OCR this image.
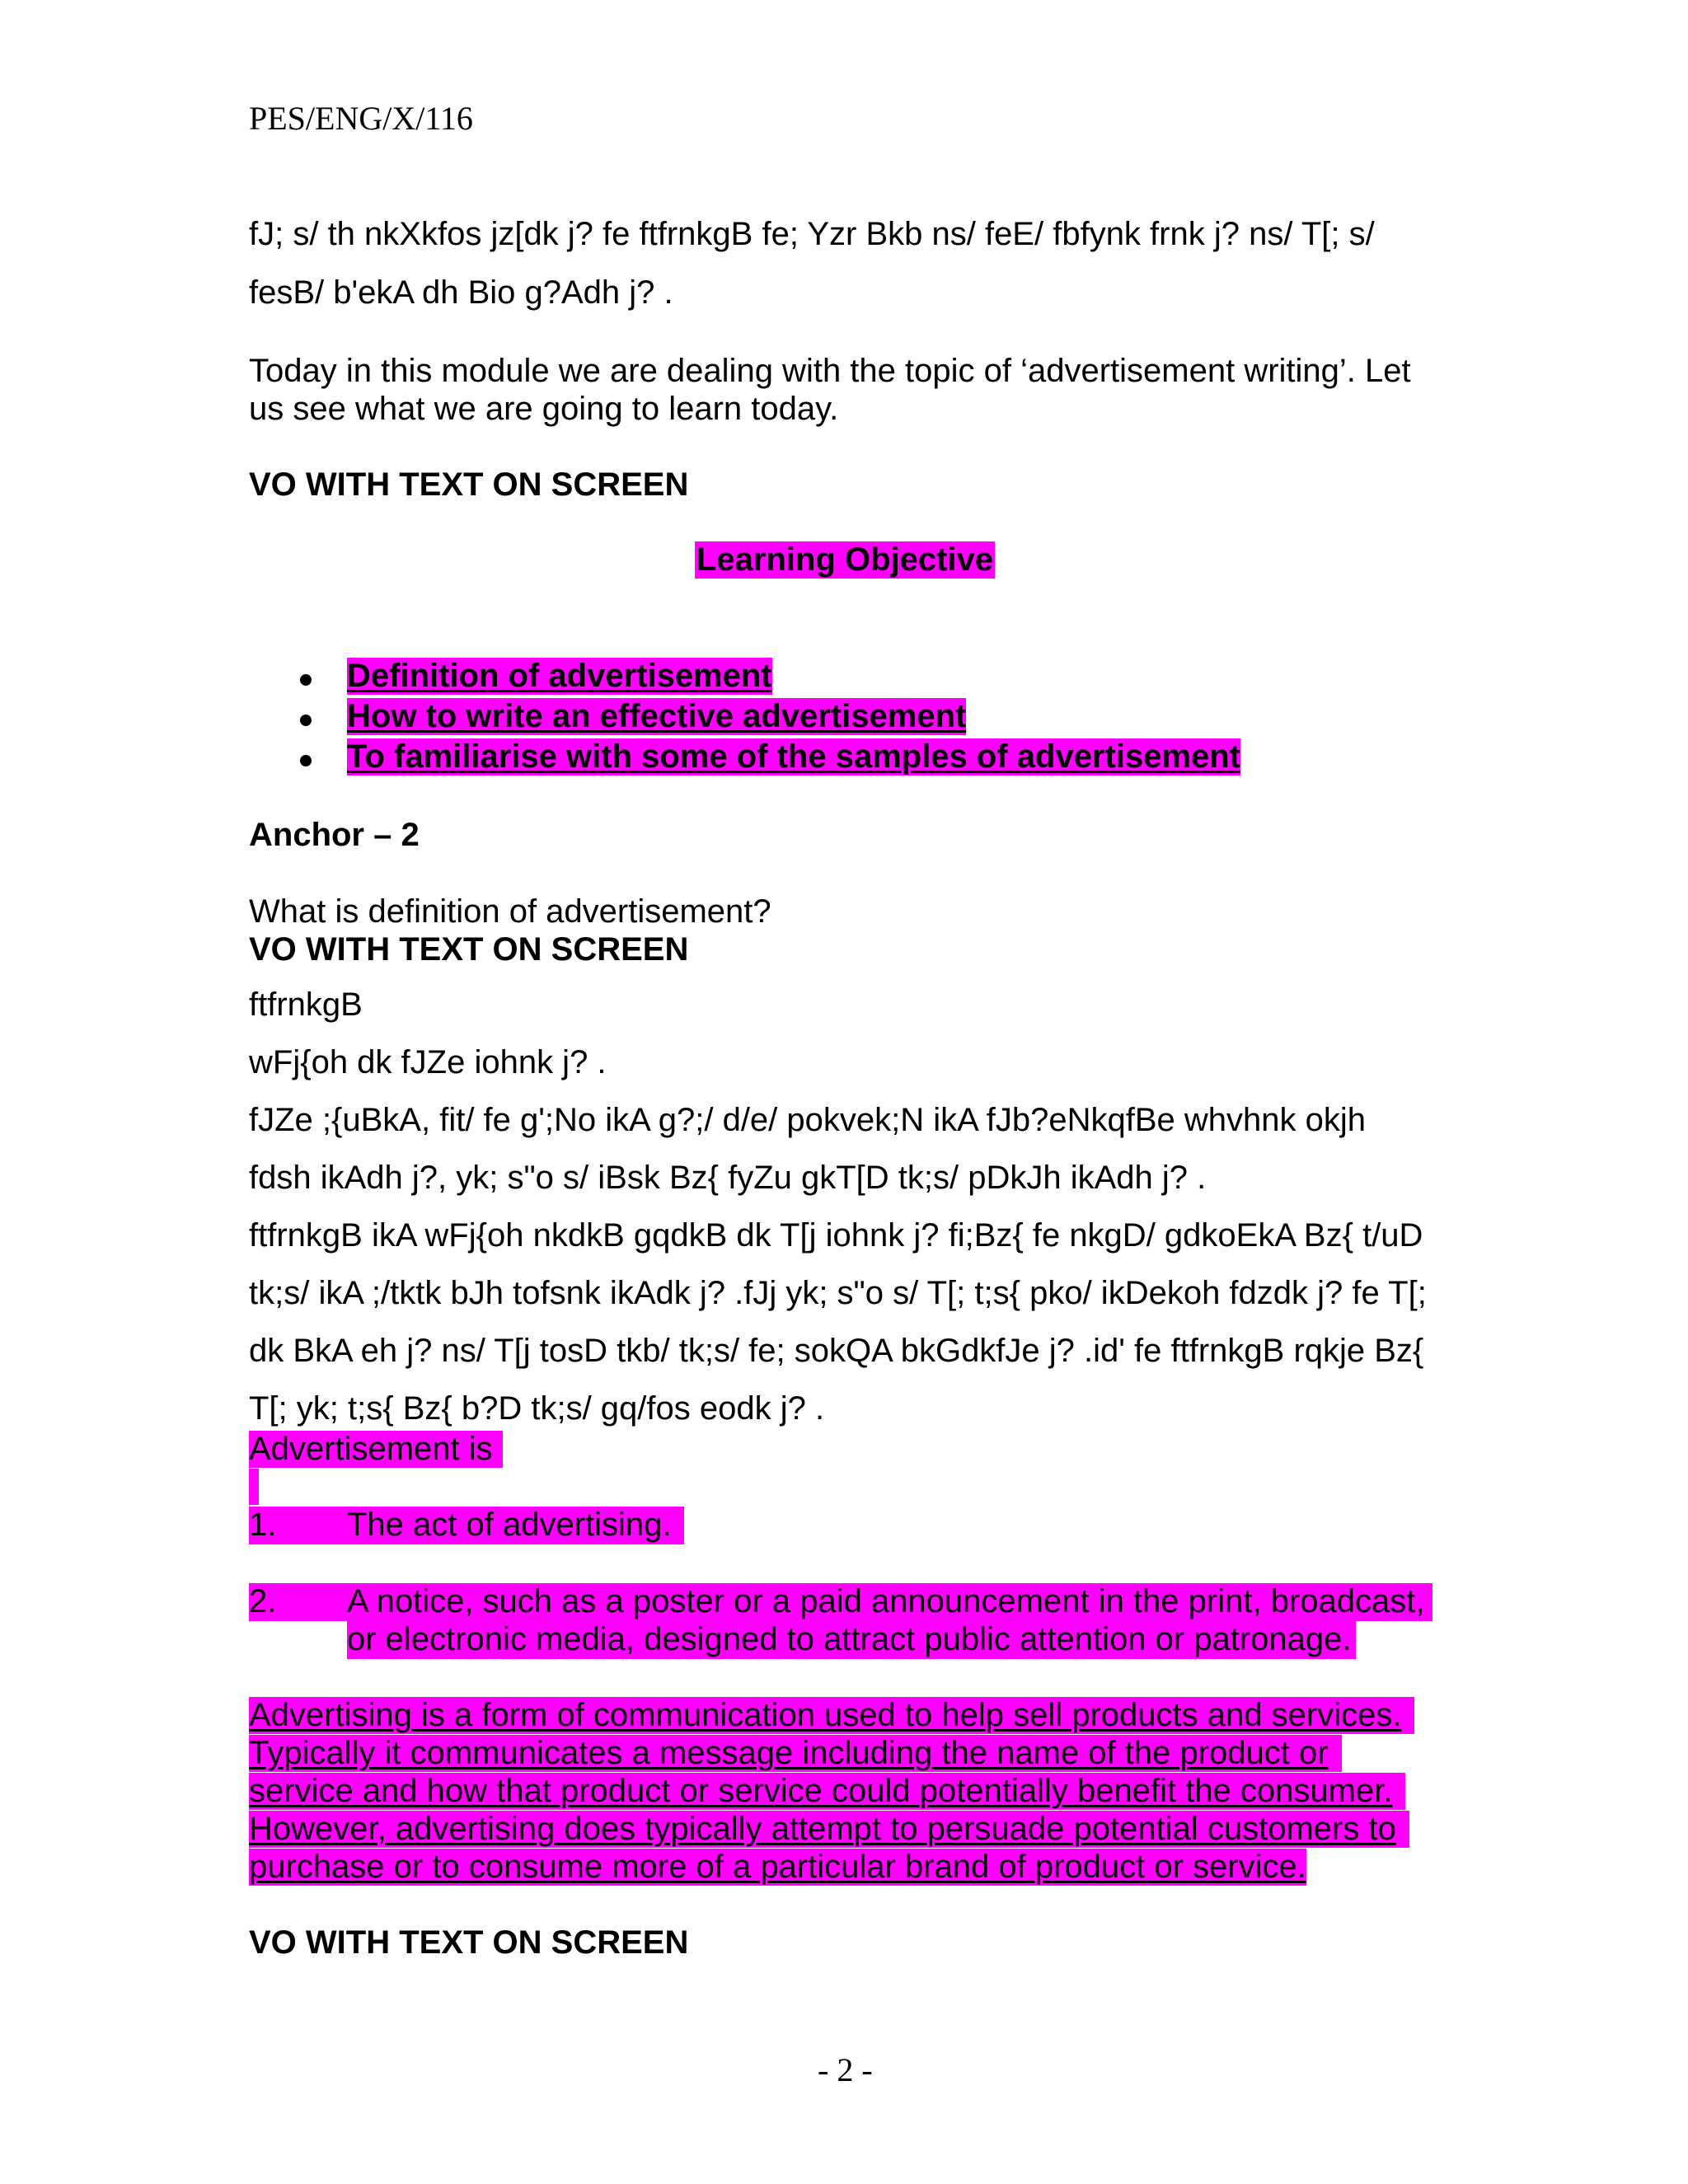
PES/ENG/X/116
fJ; s/ th nkXkfos jz[dk j? fe ftfrnkgB fe; Yzr Bkb ns/ feE/ fbfynk frnk j? ns/ T[; s/
fesB/ b'ekA dh Bio g?Adh j? .
Today in this module we are dealing with the topic of ‘advertisement writing’. Let
us see what we are going to learn today.
VO WITH TEXT ON SCREEN
Learning Objective
Definition of advertisement
How to write an effective advertisement
To familiarise with some of the samples of advertisement
Anchor – 2
What is definition of advertisement?
VO WITH TEXT ON SCREEN
ftfrnkgB
wFj{oh dk fJZe iohnk j? .
fJZe ;{uBkA, fit/ fe g';No ikA g?;/ d/e/ pokvek;N ikA fJb?eNkqfBe whvhnk okjh
fdsh ikAdh j?, yk; s"o s/ iBsk Bz{ fyZu gkT[D tk;s/ pDkJh ikAdh j? .
ftfrnkgB ikA wFj{oh nkdkB gqdkB dk T[j iohnk j? fi;Bz{ fe nkgD/ gdkoEkA Bz{ t/uD
tk;s/ ikA ;/tktk bJh tofsnk ikAdk j? .fJj yk; s"o s/ T[; t;s{ pko/ ikDekoh fdzdk j? fe T[;
dk BkA eh j? ns/ T[j tosD tkb/ tk;s/ fe; sokQA bkGdkfJe j? .id' fe ftfrnkgB rqkje Bz{
T[; yk; t;s{ Bz{ b?D tk;s/ gq/fos eodk j? .
Advertisement is
1. The act of advertising.
2. A notice, such as a poster or a paid announcement in the print, broadcast,
or electronic media, designed to attract public attention or patronage.
Advertising is a form of communication used to help sell products and services.
Typically it communicates a message including the name of the product or
service and how that product or service could potentially benefit the consumer.
However, advertising does typically attempt to persuade potential customers to
purchase or to consume more of a particular brand of product or service.
VO WITH TEXT ON SCREEN
- 2 -
